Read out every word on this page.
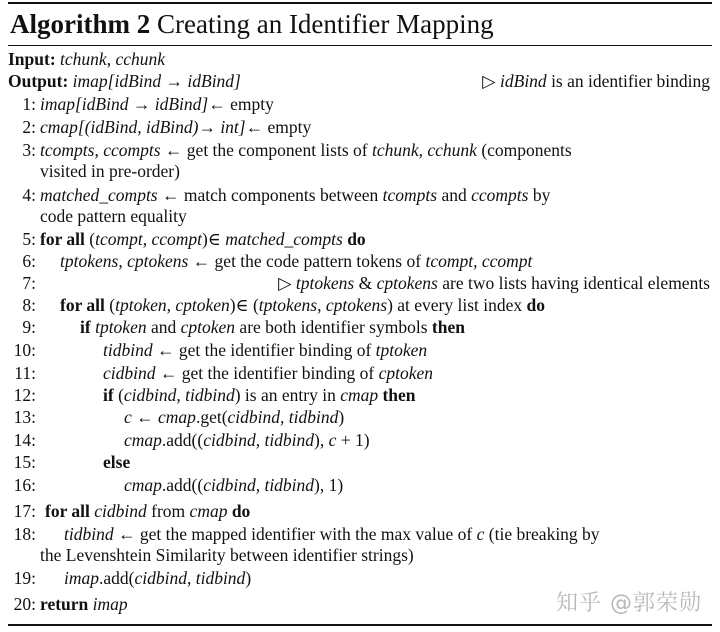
Algorithm 2 Creating an Identifier Mapping
Input: tchunk, cchunk
Output: imap[idBind → idBind]	▷ idBind is an identifier binding
1: imap[idBind → idBind]← empty
2: cmap[(idBind, idBind)→ int]← empty
3: tcompts, ccompts ← get the component lists of tchunk, cchunk (components
visited in pre-order)
4: matched_compts ← match components between tcompts and ccompts by
code pattern equality
5: for all (tcompt, ccompt)∈ matched_compts do
6: tptokens, cptokens ← get the code pattern tokens of tcompt, ccompt
7:	▷ tptokens & cptokens are two lists having identical elements
8: for all (tptoken, cptoken)∈ (tptokens, cptokens) at every list index do
9:	if tptoken and cptoken are both identifier symbols then
10:	tidbind ← get the identifier binding of tptoken
11:	cidbind ← get the identifier binding of cptoken
12:	if (cidbind, tidbind) is an entry in cmap then
13:	c ← cmap.get(cidbind, tidbind)
14:	cmap.add((cidbind, tidbind), c + 1)
15:	else
16:	cmap.add((cidbind, tidbind), 1)
17: for all cidbind from cmap do
18: tidbind ← get the mapped identifier with the max value of c (tie breaking by
the Levenshtein Similarity between identifier strings)
19: imap.add(cidbind, tidbind)
20: return imap	知乎 @郭荣勋
